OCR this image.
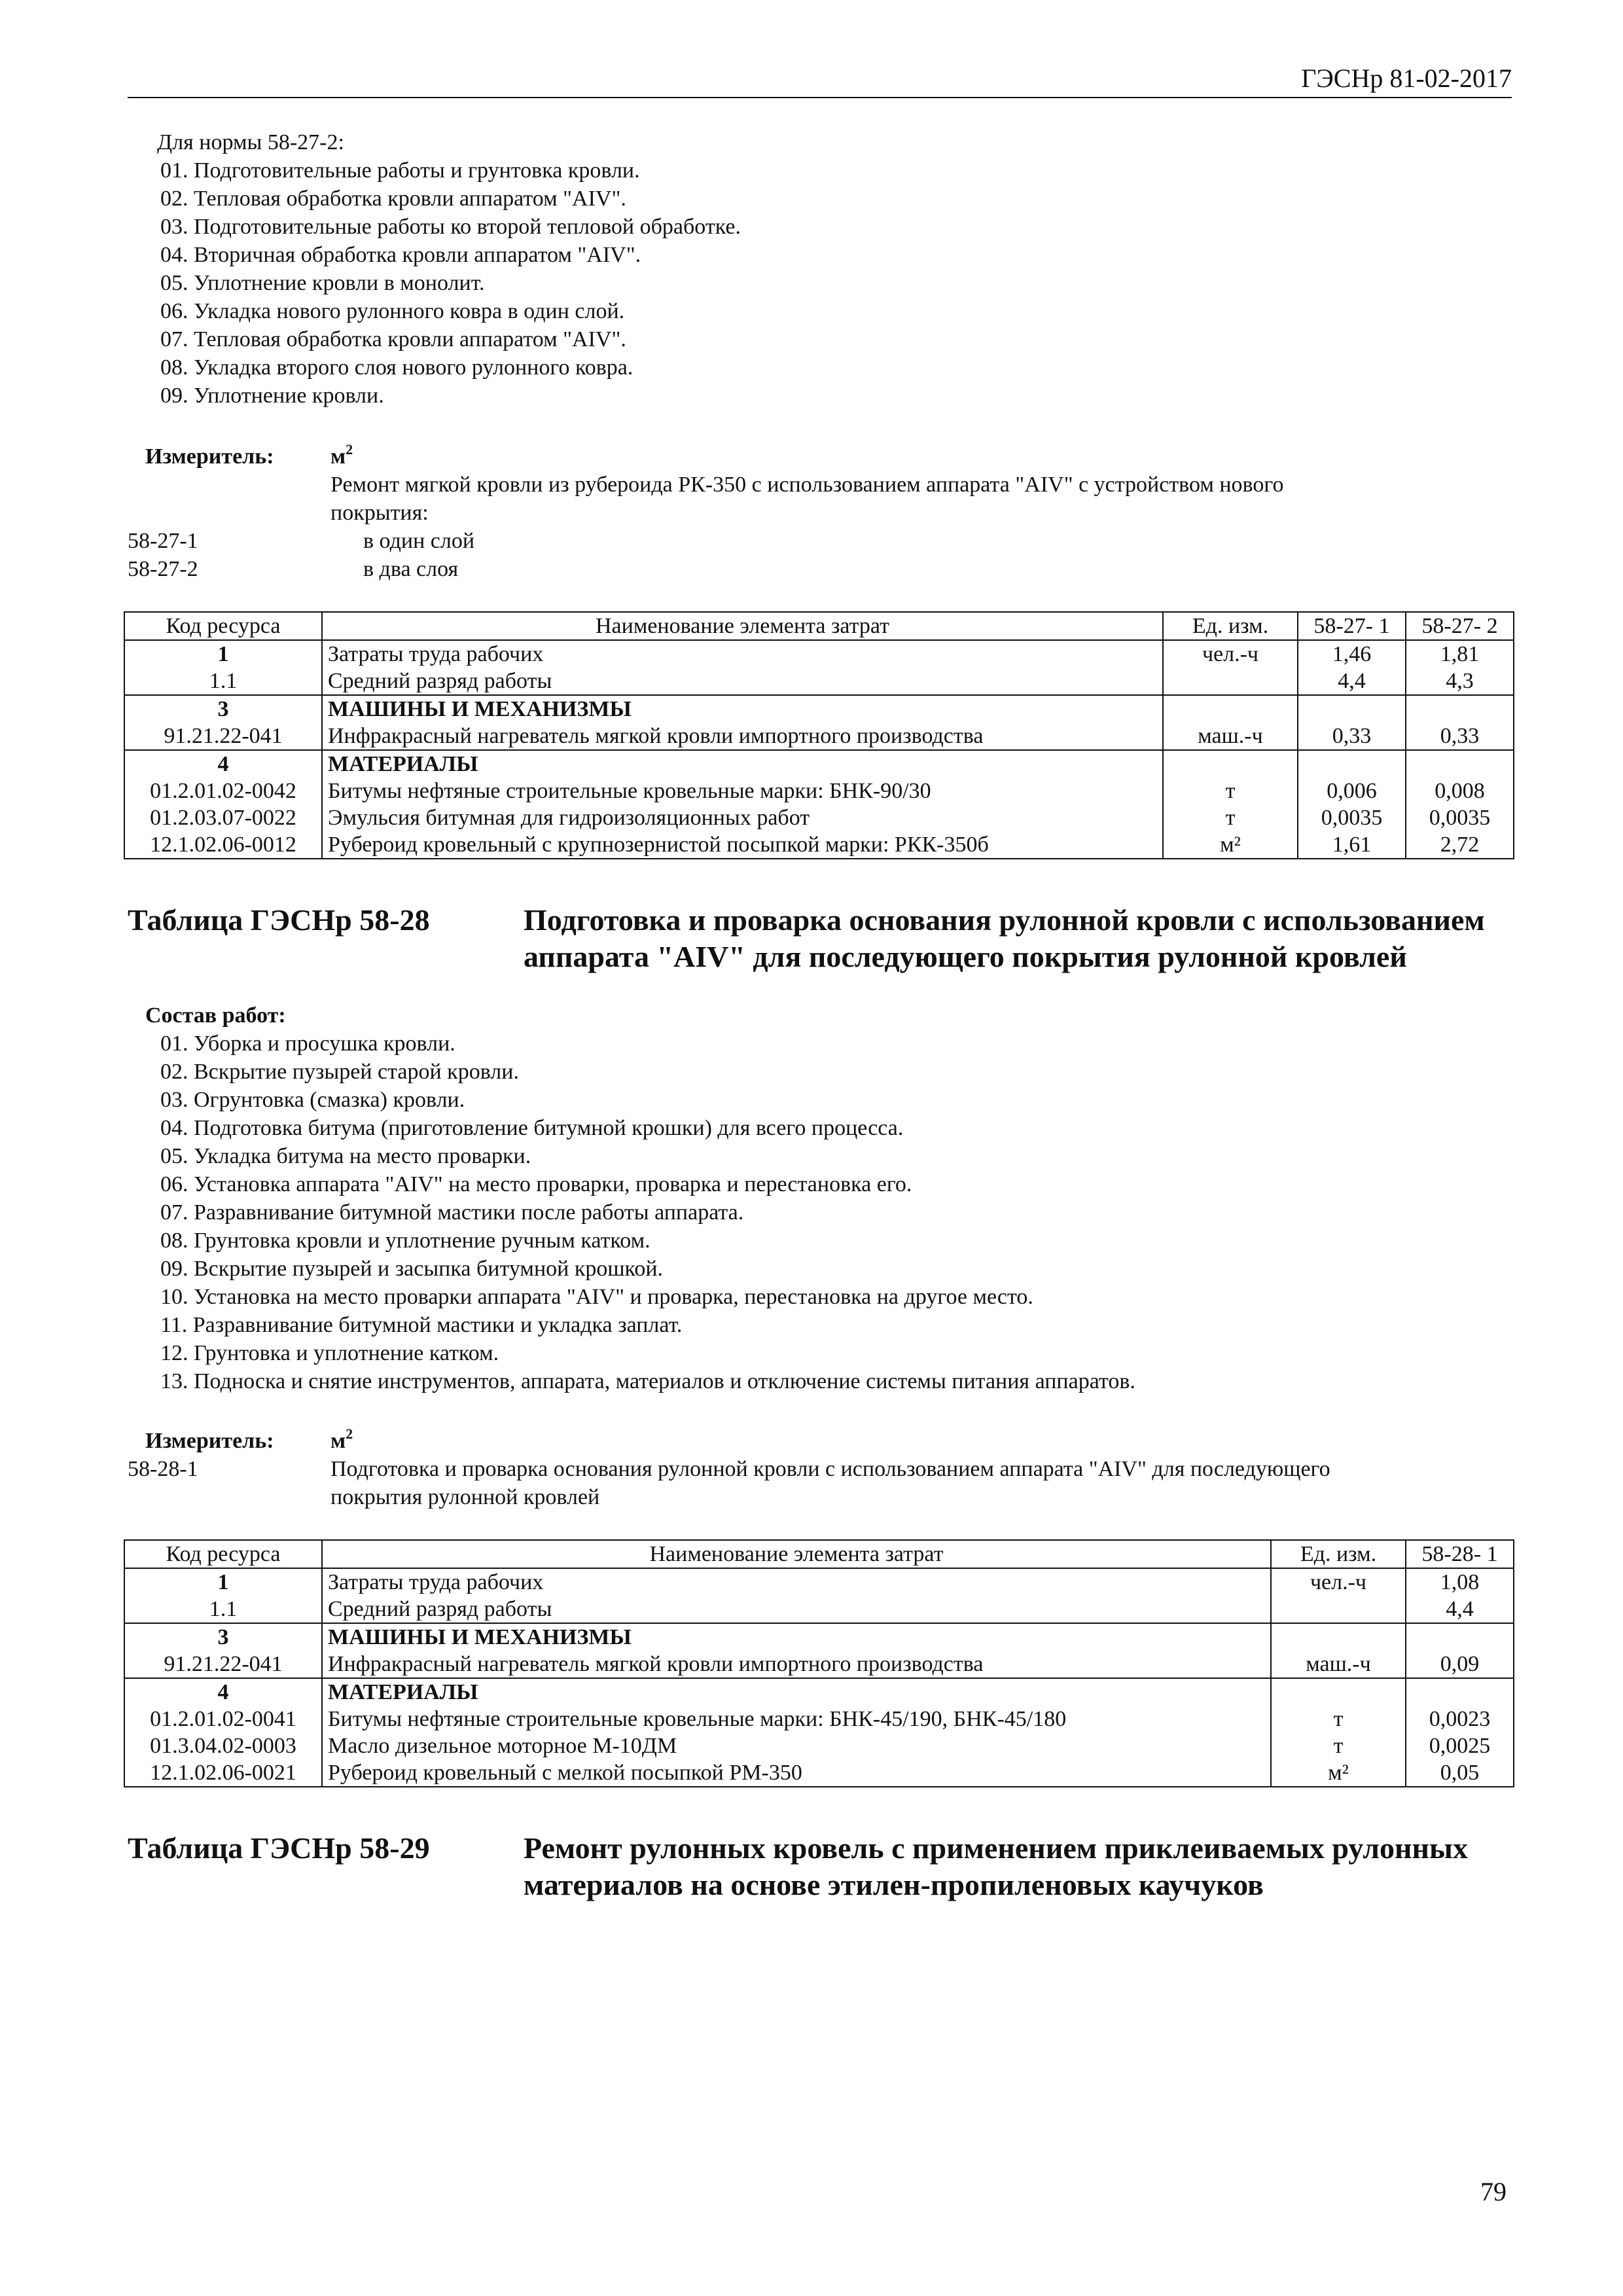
ГЭСНр 81-02-2017
Для нормы 58-27-2:
01. Подготовительные работы и грунтовка кровли.
02. Тепловая обработка кровли аппаратом "AIV".
03. Подготовительные работы ко второй тепловой обработке.
04. Вторичная обработка кровли аппаратом "AIV".
05. Уплотнение кровли в монолит.
06. Укладка нового рулонного ковра в один слой.
07. Тепловая обработка кровли аппаратом "AIV".
08. Укладка второго слоя нового рулонного ковра.
09. Уплотнение кровли.
Измеритель:	$м^2$
Ремонт мягкой кровли из рубероида РК-350 с использованием аппарата "AIV" с устройством нового
покрытия:
58-27-1	в один слой
58-27-2	в два слоя
Код ресурса	Наименование элемента затрат	Ед. изм.	58-27- 1	58-27- 2
1	Затраты труда рабочих	чел.-ч	1,46	1,81
1.1	Средний разряд работы		4,4	4,3
3	МАШИНЫ И МЕХАНИЗМЫ			
91.21.22-041	Инфракрасный нагреватель мягкой кровли импортного производства	маш.-ч	0,33	0,33
4	МАТЕРИАЛЫ			
01.2.01.02-0042	Битумы нефтяные строительные кровельные марки: БНК-90/30	т	0,006	0,008
01.2.03.07-0022	Эмульсия битумная для гидроизоляционных работ	т	0,0035	0,0035
12.1.02.06-0012	Рубероид кровельный с крупнозернистой посыпкой марки: РКК-350б	м²	1,61	2,72
Таблица ГЭСНр 58-28	Подготовка и проварка основания рулонной кровли с использованием
аппарата "AIV" для последующего покрытия рулонной кровлей
Состав работ:
01. Уборка и просушка кровли.
02. Вскрытие пузырей старой кровли.
03. Огрунтовка (смазка) кровли.
04. Подготовка битума (приготовление битумной крошки) для всего процесса.
05. Укладка битума на место проварки.
06. Установка аппарата "AIV" на место проварки, проварка и перестановка его.
07. Разравнивание битумной мастики после работы аппарата.
08. Грунтовка кровли и уплотнение ручным катком.
09. Вскрытие пузырей и засыпка битумной крошкой.
10. Установка на место проварки аппарата "AIV" и проварка, перестановка на другое место.
11. Разравнивание битумной мастики и укладка заплат.
12. Грунтовка и уплотнение катком.
13. Подноска и снятие инструментов, аппарата, материалов и отключение системы питания аппаратов.
Измеритель:	$м^2$
58-28-1	Подготовка и проварка основания рулонной кровли с использованием аппарата "AIV" для последующего
покрытия рулонной кровлей
Код ресурса	Наименование элемента затрат	Ед. изм.	58-28- 1
1	Затраты труда рабочих	чел.-ч	1,08
1.1	Средний разряд работы		4,4
3	МАШИНЫ И МЕХАНИЗМЫ		
91.21.22-041	Инфракрасный нагреватель мягкой кровли импортного производства	маш.-ч	0,09
4	МАТЕРИАЛЫ		
01.2.01.02-0041	Битумы нефтяные строительные кровельные марки: БНК-45/190, БНК-45/180	т	0,0023
01.3.04.02-0003	Масло дизельное моторное М-10ДМ	т	0,0025
12.1.02.06-0021	Рубероид кровельный с мелкой посыпкой РМ-350	м²	0,05
Таблица ГЭСНр 58-29	Ремонт рулонных кровель с применением приклеиваемых рулонных
материалов на основе этилен-пропиленовых каучуков
79
